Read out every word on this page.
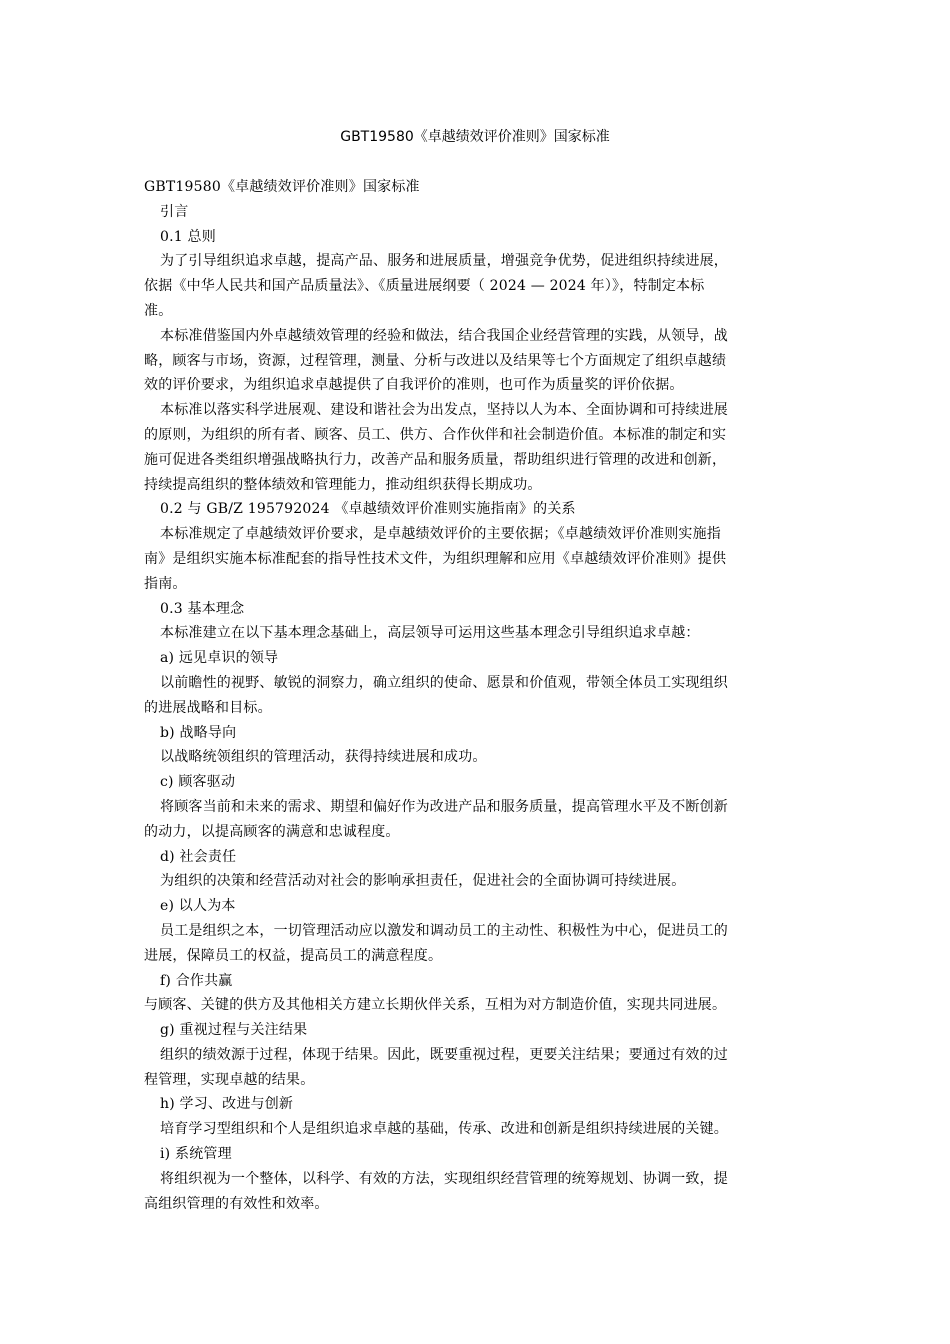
GBT19580《卓越绩效评价准则》国家标准
GBT19580《卓越绩效评价准则》国家标准
引言
0.1 总则
为了引导组织追求卓越，提高产品、服务和进展质量，增强竞争优势，促进组织持续进展，
依据《中华人民共和国产品质量法》、《质量进展纲要（ 2024 — 2024 年）》，特制定本标
准。
本标准借鉴国内外卓越绩效管理的经验和做法，结合我国企业经营管理的实践，从领导，战
略，顾客与市场，资源，过程管理，测量、分析与改进以及结果等七个方面规定了组织卓越绩
效的评价要求，为组织追求卓越提供了自我评价的准则，也可作为质量奖的评价依据。
本标准以落实科学进展观、建设和谐社会为出发点，坚持以人为本、全面协调和可持续进展
的原则，为组织的所有者、顾客、员工、供方、合作伙伴和社会制造价值。本标准的制定和实
施可促进各类组织增强战略执行力，改善产品和服务质量，帮助组织进行管理的改进和创新，
持续提高组织的整体绩效和管理能力，推动组织获得长期成功。
0.2 与 GB/Z 195792024 《卓越绩效评价准则实施指南》的关系
本标准规定了卓越绩效评价要求，是卓越绩效评价的主要依据；《卓越绩效评价准则实施指
南》是组织实施本标准配套的指导性技术文件，为组织理解和应用《卓越绩效评价准则》提供
指南。
0.3 基本理念
本标准建立在以下基本理念基础上，高层领导可运用这些基本理念引导组织追求卓越：
a) 远见卓识的领导
以前瞻性的视野、敏锐的洞察力，确立组织的使命、愿景和价值观，带领全体员工实现组织
的进展战略和目标。
b) 战略导向
以战略统领组织的管理活动，获得持续进展和成功。
c) 顾客驱动
将顾客当前和未来的需求、期望和偏好作为改进产品和服务质量，提高管理水平及不断创新
的动力，以提高顾客的满意和忠诚程度。
d) 社会责任
为组织的决策和经营活动对社会的影响承担责任，促进社会的全面协调可持续进展。
e) 以人为本
员工是组织之本，一切管理活动应以激发和调动员工的主动性、积极性为中心，促进员工的
进展，保障员工的权益，提高员工的满意程度。
f) 合作共赢
与顾客、关键的供方及其他相关方建立长期伙伴关系，互相为对方制造价值，实现共同进展。
g) 重视过程与关注结果
组织的绩效源于过程，体现于结果。因此，既要重视过程，更要关注结果；要通过有效的过
程管理，实现卓越的结果。
h) 学习、改进与创新
培育学习型组织和个人是组织追求卓越的基础，传承、改进和创新是组织持续进展的关键。
i) 系统管理
将组织视为一个整体，以科学、有效的方法，实现组织经营管理的统筹规划、协调一致，提
高组织管理的有效性和效率。
